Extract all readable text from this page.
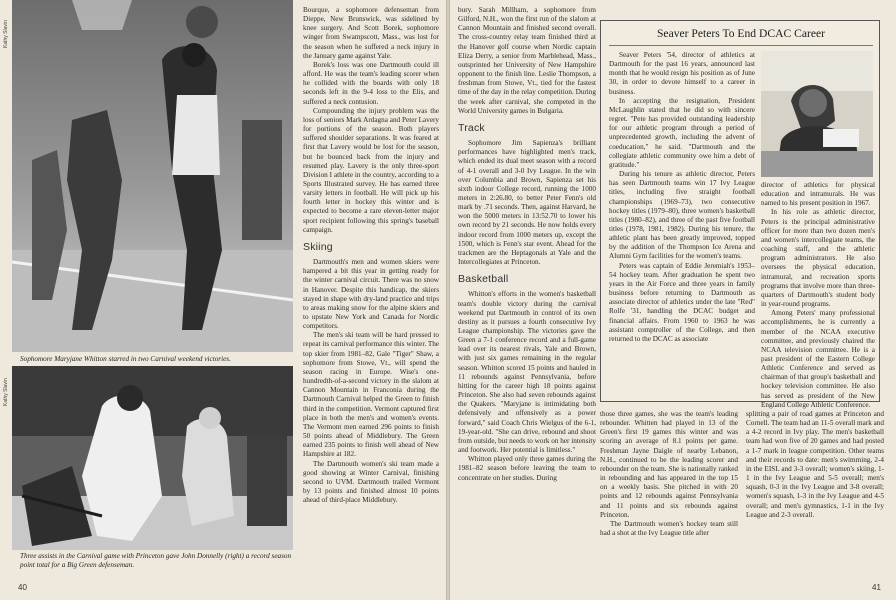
Kathy Slavin
Sophomore Maryjane Whitton starred in two Carnival weekend victories.
Kathy Slavin
Three assists in the Carnival game with Princeton gave John Donnelly (right) a record season point total for a Big Green defenseman.

Bourque, a sophomore defenseman from Dieppe, New Brunswick, was sidelined by knee surgery. And Scott Borek, sophomore winger from Swampscott, Mass., was lost for the season when he suffered a neck injury in the January game against Yale.

Borek's loss was one Dartmouth could ill afford. He was the team's leading scorer when he collided with the boards with only 18 seconds left in the 9-4 loss to the Elis, and suffered a neck contusion.

Compounding the injury problem was the loss of seniors Mark Ardagna and Peter Lavery for portions of the season. Both players suffered shoulder separations. It was feared at first that Lavery would be lost for the season, but he bounced back from the injury and resumed play. Lavery is the only three-sport Division I athlete in the country, according to a Sports Illustrated survey. He has earned three varsity letters in football. He will pick up his fourth letter in hockey this winter and is expected to become a rare eleven-letter major sport recipient following this spring's baseball campaign.

Skiing

Dartmouth's men and women skiers were hampered a bit this year in getting ready for the winter carnival circuit. There was no snow in Hanover. Despite this handicap, the skiers stayed in shape with dry-land practice and trips to areas making snow for the alpine skiers and to upstate New York and Canada for Nordic competitors.

The men's ski team will be hard pressed to repeat its carnival performance this winter. The top skier from 1981–82, Gale "Tiger" Shaw, a sophomore from Stowe, Vt., will spend the season racing in Europe. Wise's one-hundredth-of-a-second victory in the slalom at Cannon Mountain in Franconia during the Dartmouth Carnival helped the Green to finish third in the competition. Vermont captured first place in both the men's and women's events. The Vermont men earned 296 points to finish 50 points ahead of Middlebury. The Green earned 235 points to finish well ahead of New Hampshire at 182.

The Dartmouth women's ski team made a good showing at Winter Carnival, finishing second to UVM. Dartmouth trailed Vermont by 13 points and finished almost 10 points ahead of third-place Middlebury.

40

bury. Sarah Millham, a sophomore from Gilford, N.H., won the first run of the slalom at Cannon Mountain and finished second overall. The cross-country relay team finished third at the Hanover golf course when Nordic captain Eliza Derry, a senior from Marblehead, Mass., outsprinted her University of New Hampshire opponent to the finish line. Leslie Thompson, a freshman from Stowe, Vt., tied for the fastest time of the day in the relay competition. During the week after carnival, she competed in the World University games in Bulgaria.

Track

Sophomore Jim Sapienza's brilliant performances have highlighted men's track, which ended its dual meet season with a record of 4-1 overall and 3-0 Ivy League. In the win over Columbia and Brown, Sapienza set his sixth indoor College record, running the 1000 meters in 2:26.80, to better Peter Fenn's old mark by .71 seconds. Then, against Harvard, he won the 5000 meters in 13:52.70 to lower his own record by 21 seconds. He now holds every indoor record from 1000 meters up, except the 1500, which is Fenn's star event. Ahead for the trackmen are the Heptagonals at Yale and the Intercollegiates at Princeton.

Basketball

Whitton's efforts in the women's basketball team's double victory during the carnival weekend put Dartmouth in control of its own destiny as it pursues a fourth consecutive Ivy League championship. The victories gave the Green a 7-1 conference record and a full-game lead over its nearest rivals, Yale and Brown, with just six games remaining in the regular season. Whitton scored 15 points and hauled in 11 rebounds against Pennsylvania, before hitting for the career high 18 points against Princeton. She also had seven rebounds against the Quakers. "Maryjane is intimidating both defensively and offensively as a power forward," said Coach Chris Wielgus of the 6-1, 19-year-old. "She can drive, rebound and shoot from outside, but needs to work on her intensity and footwork. Her potential is limitless."

Whitton played only three games during the 1981–82 season before leaving the team to concentrate on her studies. During

those three games, she was the team's leading rebounder. Whitten had played in 13 of the Green's first 19 games this winter and was scoring an average of 8.1 points per game. Freshman Jayne Daigle of nearby Lebanon, N.H., continued to be the leading scorer and rebounder on the team. She is nationally ranked in rebounding and has appeared in the top 15 on a weekly basis. She pitched in with 20 points and 12 rebounds against Pennsylvania and 11 points and six rebounds against Princeton.

The Dartmouth women's hockey team still had a shot at the Ivy League title after

splitting a pair of road games at Princeton and Cornell. The team had an 11-5 overall mark and a 4-2 record in Ivy play. The men's basketball team had won five of 20 games and had posted a 1-7 mark in league competition. Other teams and their records to date: men's swimming, 2-4 in the EISL and 3-3 overall; women's skiing, 1-1 in the Ivy League and 5-5 overall; men's squash, 0-3 in the Ivy League and 3-8 overall; women's squash, 1-3 in the Ivy League and 4-5 overall; and men's gymnastics, 1-1 in the Ivy League and 2-3 overall.

41
Seaver Peters To End DCAC Career

Seaver Peters '54, director of athletics at Dartmouth for the past 16 years, announced last month that he would resign his position as of June 30, in order to devote himself to a career in business.

In accepting the resignation, President McLaughlin stated that he did so with sincere regret. "Pete has provided outstanding leadership for our athletic program through a period of unprecedented growth, including the advent of coeducation," he said. "Dartmouth and the collegiate athletic community owe him a debt of gratitude."

During his tenure as athletic director, Peters has seen Dartmouth teams win 17 Ivy League titles, including five straight football championships (1969–73), two consecutive hockey titles (1979–80), three women's basketball titles (1980–82), and three of the past five football titles (1978, 1981, 1982). During his tenure, the athletic plant has been greatly improved, topped by the addition of the Thompson Ice Arena and Alumni Gym facilities for the women's teams.

Peters was captain of Eddie Jeremiah's 1953–54 hockey team. After graduation he spent two years in the Air Force and three years in family business before returning to Dartmouth as associate director of athletics under the late "Red" Rolfe '31, handling the DCAC budget and financial affairs. From 1960 to 1963 he was assistant comptroller of the College, and then returned to the DCAC as associate

director of athletics for physical education and intramurals. He was named to his present position in 1967.

In his role as athletic director, Peters is the principal administrative officer for more than two dozen men's and women's intercollegiate teams, the coaching staff, and the athletic program administrators. He also oversees the physical education, intramural, and recreation sports programs that involve more than three-quarters of Dartmouth's student body in year-round programs.

Among Peters' many professional accomplishments, he is currently a member of the NCAA executive committee, and previously chaired the NCAA television committee. He is a past president of the Eastern College Athletic Conference and served as chairman of that group's basketball and hockey television committee. He also has served as president of the New England College Athletic Conference.
